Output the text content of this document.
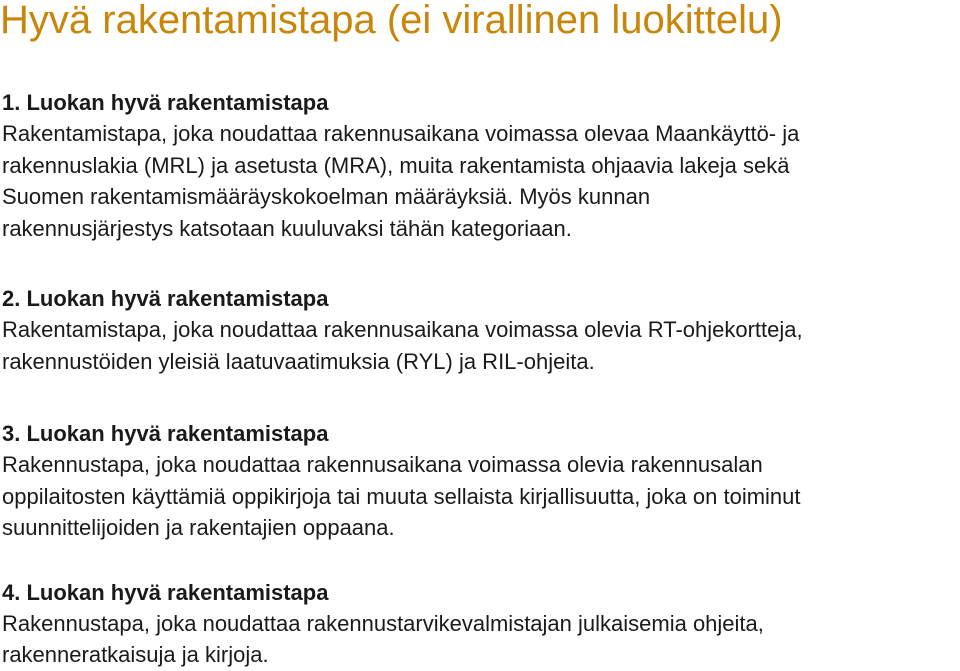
Hyvä rakentamistapa (ei virallinen luokittelu)
1. Luokan hyvä rakentamistapa
Rakentamistapa, joka noudattaa rakennusaikana voimassa olevaa Maankäyttö- ja
rakennuslakia (MRL) ja asetusta (MRA), muita rakentamista ohjaavia lakeja sekä
Suomen rakentamismääräyskokoelman määräyksiä. Myös kunnan
rakennusjärjestys katsotaan kuuluvaksi tähän kategoriaan.
2. Luokan hyvä rakentamistapa
Rakentamistapa, joka noudattaa rakennusaikana voimassa olevia RT-ohjekortteja,
rakennustöiden yleisiä laatuvaatimuksia (RYL) ja RIL-ohjeita.
3. Luokan hyvä rakentamistapa
Rakennustapa, joka noudattaa rakennusaikana voimassa olevia rakennusalan
oppilaitosten käyttämiä oppikirjoja tai muuta sellaista kirjallisuutta, joka on toiminut
suunnittelijoiden ja rakentajien oppaana.
4. Luokan hyvä rakentamistapa
Rakennustapa, joka noudattaa rakennustarvikevalmistajan julkaisemia ohjeita,
rakenneratkaisuja ja kirjoja.
